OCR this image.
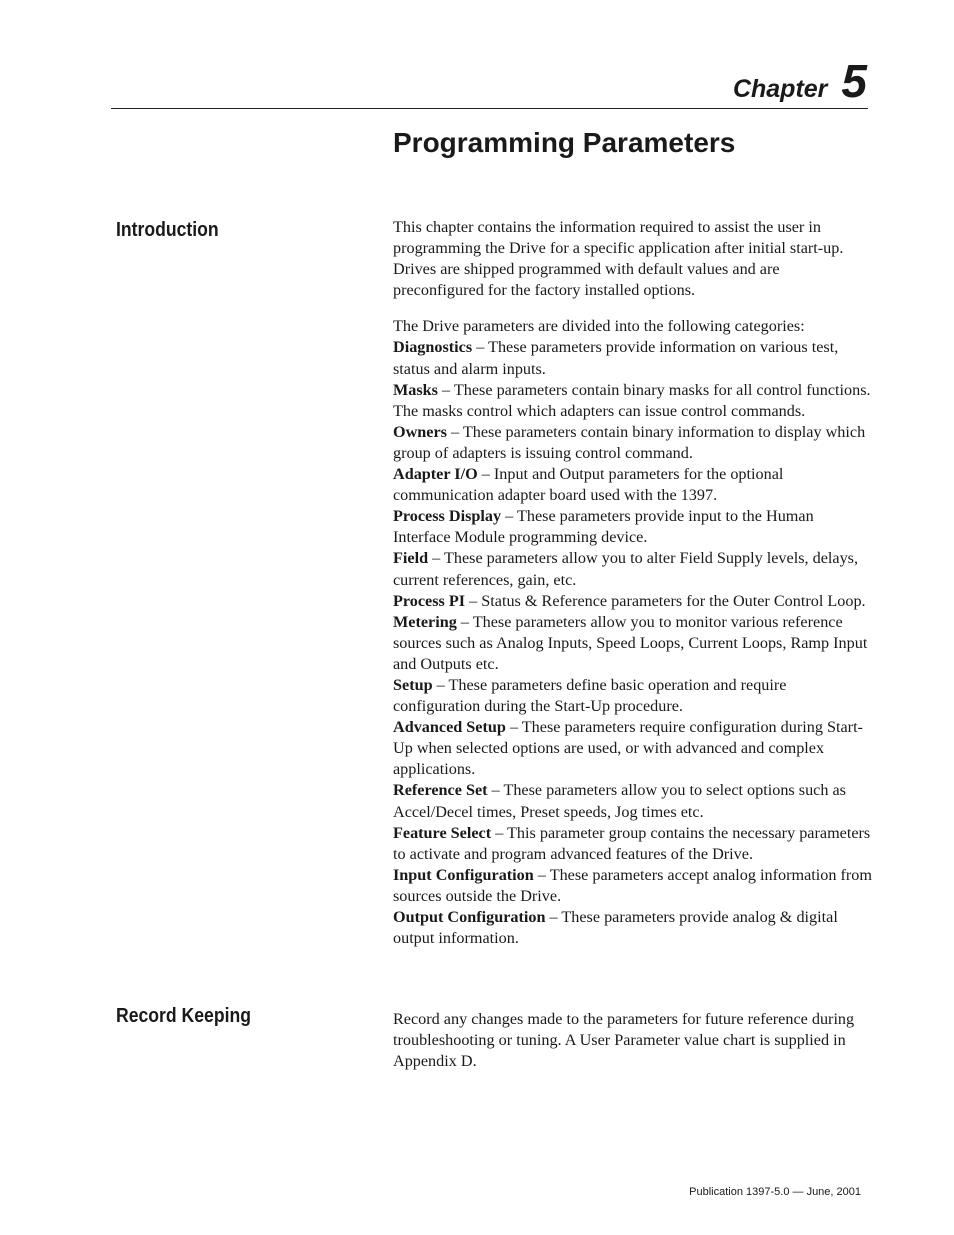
Chapter 5
Programming Parameters
Introduction	This chapter contains the information required to assist the user in programming the Drive for a specific application after initial start-up. Drives are shipped programmed with default values and are preconfigured for the factory installed options.

The Drive parameters are divided into the following categories:

Diagnostics – These parameters provide information on various test, status and alarm inputs.

Masks – These parameters contain binary masks for all control functions. The masks control which adapters can issue control commands.

Owners – These parameters contain binary information to display which group of adapters is issuing control command.

Adapter I/O – Input and Output parameters for the optional communication adapter board used with the 1397.

Process Display – These parameters provide input to the Human Interface Module programming device.

Field – These parameters allow you to alter Field Supply levels, delays, current references, gain, etc.

Process PI – Status & Reference parameters for the Outer Control Loop.

Metering – These parameters allow you to monitor various reference sources such as Analog Inputs, Speed Loops, Current Loops, Ramp Input and Outputs etc.

Setup – These parameters define basic operation and require configuration during the Start-Up procedure.

Advanced Setup – These parameters require configuration during Start-Up when selected options are used, or with advanced and complex applications.

Reference Set – These parameters allow you to select options such as Accel/Decel times, Preset speeds, Jog times etc.

Feature Select – This parameter group contains the necessary parameters to activate and program advanced features of the Drive.

Input Configuration – These parameters accept analog information from sources outside the Drive.

Output Configuration – These parameters provide analog & digital output information.

Record Keeping	Record any changes made to the parameters for future reference during troubleshooting or tuning. A User Parameter value chart is supplied in Appendix D.

Publication 1397-5.0 — June, 2001
